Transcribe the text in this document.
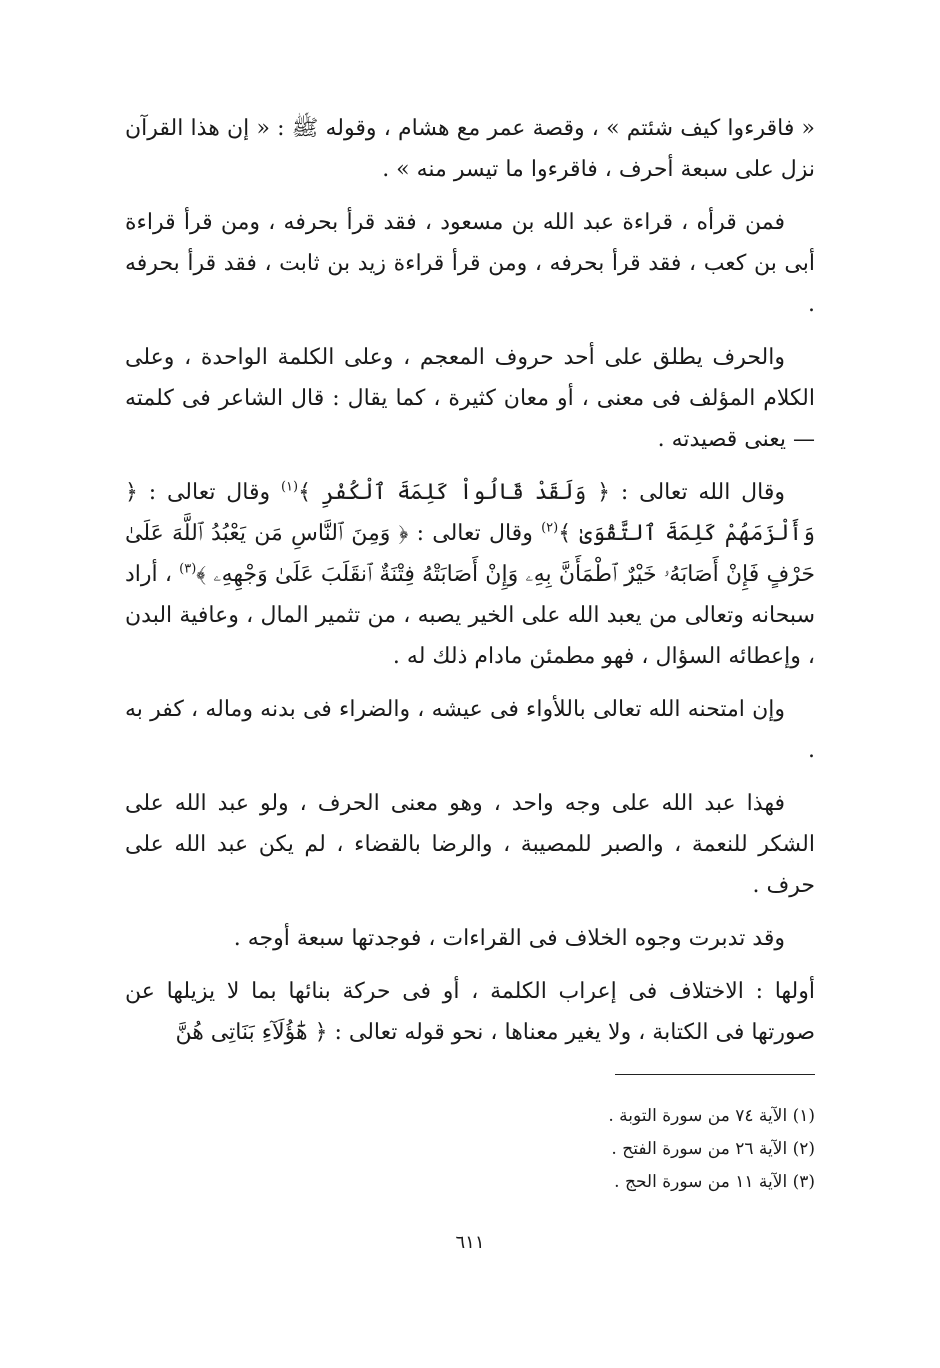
« فاقرءوا كيف شئتم » ، وقصة عمر مع هشام ، وقوله ﷺ : « إن هذا القرآن نزل على سبعة أحرف ، فاقرءوا ما تيسر منه » .

فمن قرأه ، قراءة عبد الله بن مسعود ، فقد قرأ بحرفه ، ومن قرأ قراءة أبى بن كعب ، فقد قرأ بحرفه ، ومن قرأ قراءة زيد بن ثابت ، فقد قرأ بحرفه .

والحرف يطلق على أحد حروف المعجم ، وعلى الكلمة الواحدة ، وعلى الكلام المؤلف فى معنى ، أو معان كثيرة ، كما يقال : قال الشاعر فى كلمته — يعنى قصيدته .

وقال الله تعالى : ﴿ وَلَقَدْ قَالُواْ كَلِمَةَ ٱلْكُفْرِ ﴾$^{(١)}$ وقال تعالى : ﴿ وَأَلْزَمَهُمْ كَلِمَةَ ٱلتَّقْوَىٰ ﴾$^{(٢)}$ وقال تعالى : ﴿ وَمِنَ ٱلنَّاسِ مَن يَعْبُدُ ٱللَّهَ عَلَىٰ حَرْفٍ فَإِنْ أَصَابَهُۥ خَيْرٌ ٱطْمَأَنَّ بِهِۦ وَإِنْ أَصَابَتْهُ فِتْنَةٌ ٱنقَلَبَ عَلَىٰ وَجْهِهِۦ ﴾$^{(٣)}$ ، أراد سبحانه وتعالى من يعبد الله على الخير يصبه ، من تثمير المال ، وعافية البدن ، وإعطائه السؤال ، فهو مطمئن مادام ذلك له .

وإن امتحنه الله تعالى باللأواء فى عيشه ، والضراء فى بدنه وماله ، كفر به .

فهذا عبد الله على وجه واحد ، وهو معنى الحرف ، ولو عبد الله على الشكر للنعمة ، والصبر للمصيبة ، والرضا بالقضاء ، لم يكن عبد الله على حرف .

وقد تدبرت وجوه الخلاف فى القراءات ، فوجدتها سبعة أوجه .

أولها : الاختلاف فى إعراب الكلمة ، أو فى حركة بنائها بما لا يزيلها عن صورتها فى الكتابة ، ولا يغير معناها ، نحو قوله تعالى : ﴿ هَٰٓؤُلَآءِ بَنَاتِى هُنَّ

(١) الآية ٧٤ من سورة التوبة .

(٢) الآية ٢٦ من سورة الفتح .

(٣) الآية ١١ من سورة الحج .

٦١١
